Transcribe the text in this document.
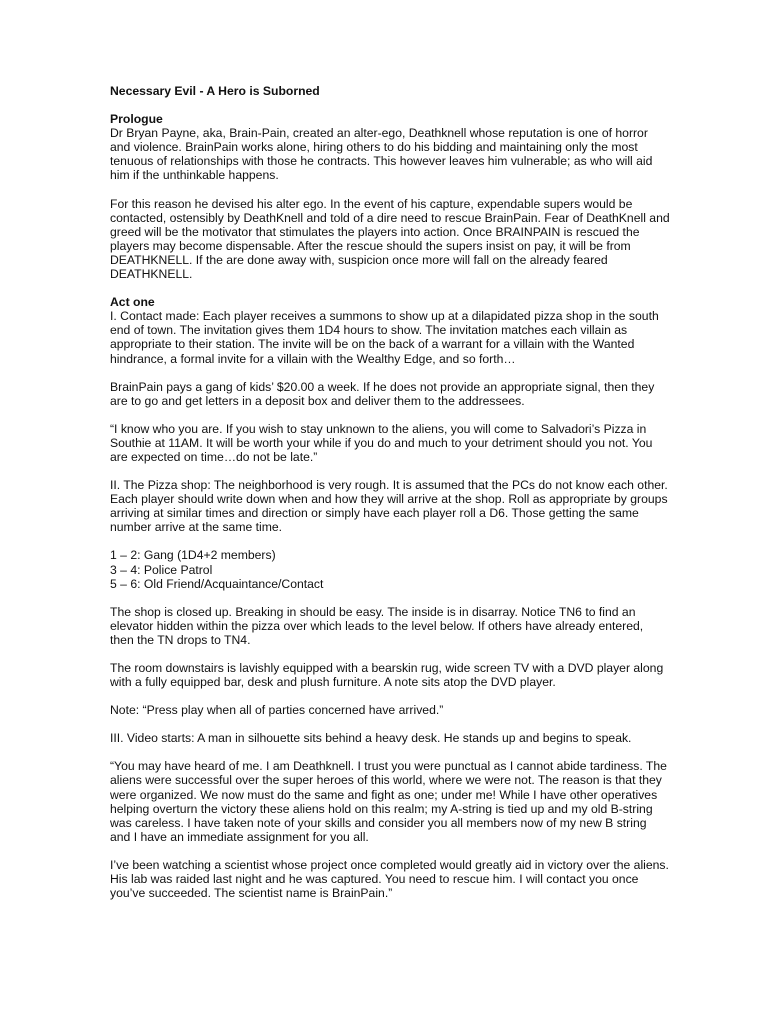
Necessary Evil - A Hero is Suborned

Prologue

Dr Bryan Payne, aka, Brain-Pain, created an alter-ego, Deathknell whose reputation is one of horror and violence. BrainPain works alone, hiring others to do his bidding and maintaining only the most tenuous of relationships with those he contracts. This however leaves him vulnerable; as who will aid him if the unthinkable happens.

For this reason he devised his alter ego. In the event of his capture, expendable supers would be contacted, ostensibly by DeathKnell and told of a dire need to rescue BrainPain. Fear of DeathKnell and greed will be the motivator that stimulates the players into action. Once BRAINPAIN is rescued the players may become dispensable. After the rescue should the supers insist on pay, it will be from DEATHKNELL. If the are done away with, suspicion once more will fall on the already feared DEATHKNELL.

Act one

I. Contact made: Each player receives a summons to show up at a dilapidated pizza shop in the south end of town. The invitation gives them 1D4 hours to show. The invitation matches each villain as appropriate to their station. The invite will be on the back of a warrant for a villain with the Wanted hindrance, a formal invite for a villain with the Wealthy Edge, and so forth…

BrainPain pays a gang of kids’ $20.00 a week. If he does not provide an appropriate signal, then they are to go and get letters in a deposit box and deliver them to the addressees.

“I know who you are. If you wish to stay unknown to the aliens, you will come to Salvadori’s Pizza in Southie at 11AM. It will be worth your while if you do and much to your detriment should you not. You are expected on time…do not be late.”

II. The Pizza shop: The neighborhood is very rough. It is assumed that the PCs do not know each other. Each player should write down when and how they will arrive at the shop. Roll as appropriate by groups arriving at similar times and direction or simply have each player roll a D6. Those getting the same number arrive at the same time.

1 – 2: Gang (1D4+2 members)

3 – 4: Police Patrol

5 – 6: Old Friend/Acquaintance/Contact

The shop is closed up. Breaking in should be easy. The inside is in disarray. Notice TN6 to find an elevator hidden within the pizza over which leads to the level below. If others have already entered, then the TN drops to TN4.

The room downstairs is lavishly equipped with a bearskin rug, wide screen TV with a DVD player along with a fully equipped bar, desk and plush furniture. A note sits atop the DVD player.

Note: “Press play when all of parties concerned have arrived.”

III. Video starts: A man in silhouette sits behind a heavy desk. He stands up and begins to speak.

“You may have heard of me. I am Deathknell. I trust you were punctual as I cannot abide tardiness. The aliens were successful over the super heroes of this world, where we were not. The reason is that they were organized. We now must do the same and fight as one; under me! While I have other operatives helping overturn the victory these aliens hold on this realm; my A-string is tied up and my old B-string was careless. I have taken note of your skills and consider you all members now of my new B string and I have an immediate assignment for you all.

I’ve been watching a scientist whose project once completed would greatly aid in victory over the aliens. His lab was raided last night and he was captured. You need to rescue him. I will contact you once you’ve succeeded. The scientist name is BrainPain.”
